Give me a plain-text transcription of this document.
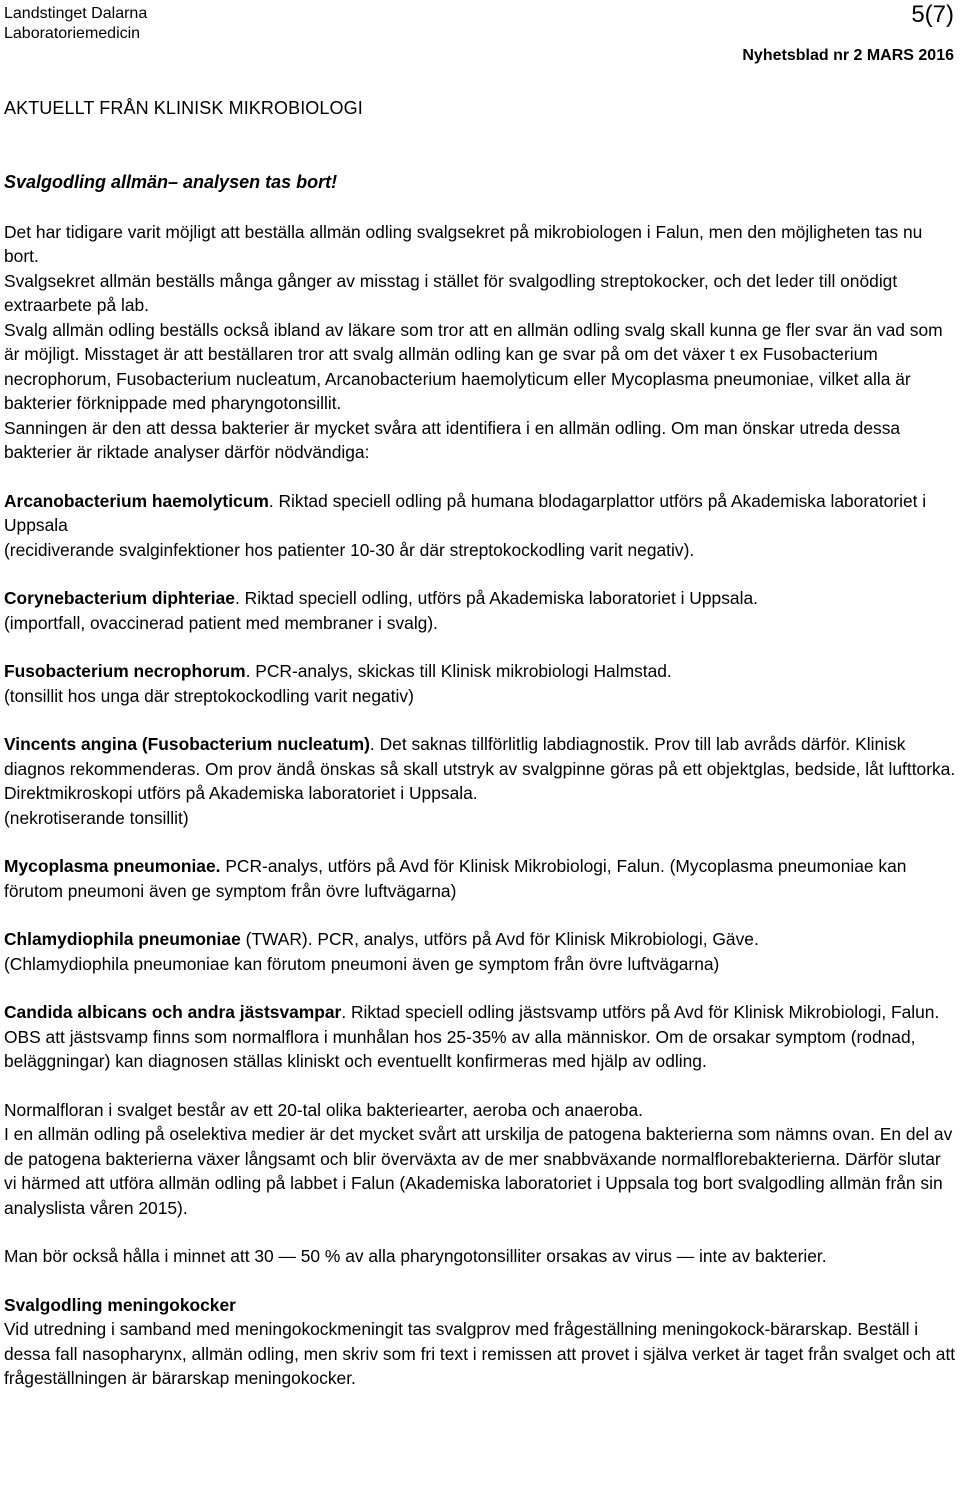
Landstinget Dalarna
Laboratoriemedicin
5(7)
Nyhetsblad nr 2 MARS 2016
AKTUELLT FRÅN KLINISK MIKROBIOLOGI

Svalgodling allmän– analysen tas bort!

Det har tidigare varit möjligt att beställa allmän odling svalgsekret på mikrobiologen i Falun, men den möjligheten tas nu bort.

Svalgsekret allmän beställs många gånger av misstag i stället för svalgodling streptokocker, och det leder till onödigt extraarbete på lab.

Svalg allmän odling beställs också ibland av läkare som tror att en allmän odling svalg skall kunna ge fler svar än vad som är möjligt. Misstaget är att beställaren tror att svalg allmän odling kan ge svar på om det växer t ex Fusobacterium necrophorum, Fusobacterium nucleatum, Arcanobacterium haemolyticum eller Mycoplasma pneumoniae, vilket alla är bakterier förknippade med pharyngotonsillit.

Sanningen är den att dessa bakterier är mycket svåra att identifiera i en allmän odling. Om man önskar utreda dessa bakterier är riktade analyser därför nödvändiga:

Arcanobacterium haemolyticum. Riktad speciell odling på humana blodagarplattor utförs på Akademiska laboratoriet i Uppsala

(recidiverande svalginfektioner hos patienter 10-30 år där streptokockodling varit negativ).

Corynebacterium diphteriae. Riktad speciell odling, utförs på Akademiska laboratoriet i Uppsala.

(importfall, ovaccinerad patient med membraner i svalg).

Fusobacterium necrophorum. PCR-analys, skickas till Klinisk mikrobiologi Halmstad.

(tonsillit hos unga där streptokockodling varit negativ)

Vincents angina (Fusobacterium nucleatum). Det saknas tillförlitlig labdiagnostik. Prov till lab avråds därför. Klinisk diagnos rekommenderas. Om prov ändå önskas så skall utstryk av svalgpinne göras på ett objektglas, bedside, låt lufttorka. Direktmikroskopi utförs på Akademiska laboratoriet i Uppsala.

(nekrotiserande tonsillit)

Mycoplasma pneumoniae. PCR-analys, utförs på Avd för Klinisk Mikrobiologi, Falun. (Mycoplasma pneumoniae kan förutom pneumoni även ge symptom från övre luftvägarna)

Chlamydiophila pneumoniae (TWAR). PCR, analys, utförs på Avd för Klinisk Mikrobiologi, Gäve.

(Chlamydiophila pneumoniae kan förutom pneumoni även ge symptom från övre luftvägarna)

Candida albicans och andra jästsvampar. Riktad speciell odling jästsvamp utförs på Avd för Klinisk Mikrobiologi, Falun. OBS att jästsvamp finns som normalflora i munhålan hos 25-35% av alla människor. Om de orsakar symptom (rodnad, beläggningar) kan diagnosen ställas kliniskt och eventuellt konfirmeras med hjälp av odling.

Normalfloran i svalget består av ett 20-tal olika bakteriearter, aeroba och anaeroba.

I en allmän odling på oselektiva medier är det mycket svårt att urskilja de patogena bakterierna som nämns ovan. En del av de patogena bakterierna växer långsamt och blir överväxta av de mer snabbväxande normalflorebakterierna. Därför slutar vi härmed att utföra allmän odling på labbet i Falun (Akademiska laboratoriet i Uppsala tog bort svalgodling allmän från sin analyslista våren 2015).

Man bör också hålla i minnet att 30 — 50 % av alla pharyngotonsilliter orsakas av virus — inte av bakterier.

Svalgodling meningokocker

Vid utredning i samband med meningokockmeningit tas svalgprov med frågeställning meningokock-bärarskap. Beställ i dessa fall nasopharynx, allmän odling, men skriv som fri text i remissen att provet i själva verket är taget från svalget och att frågeställningen är bärarskap meningokocker.
